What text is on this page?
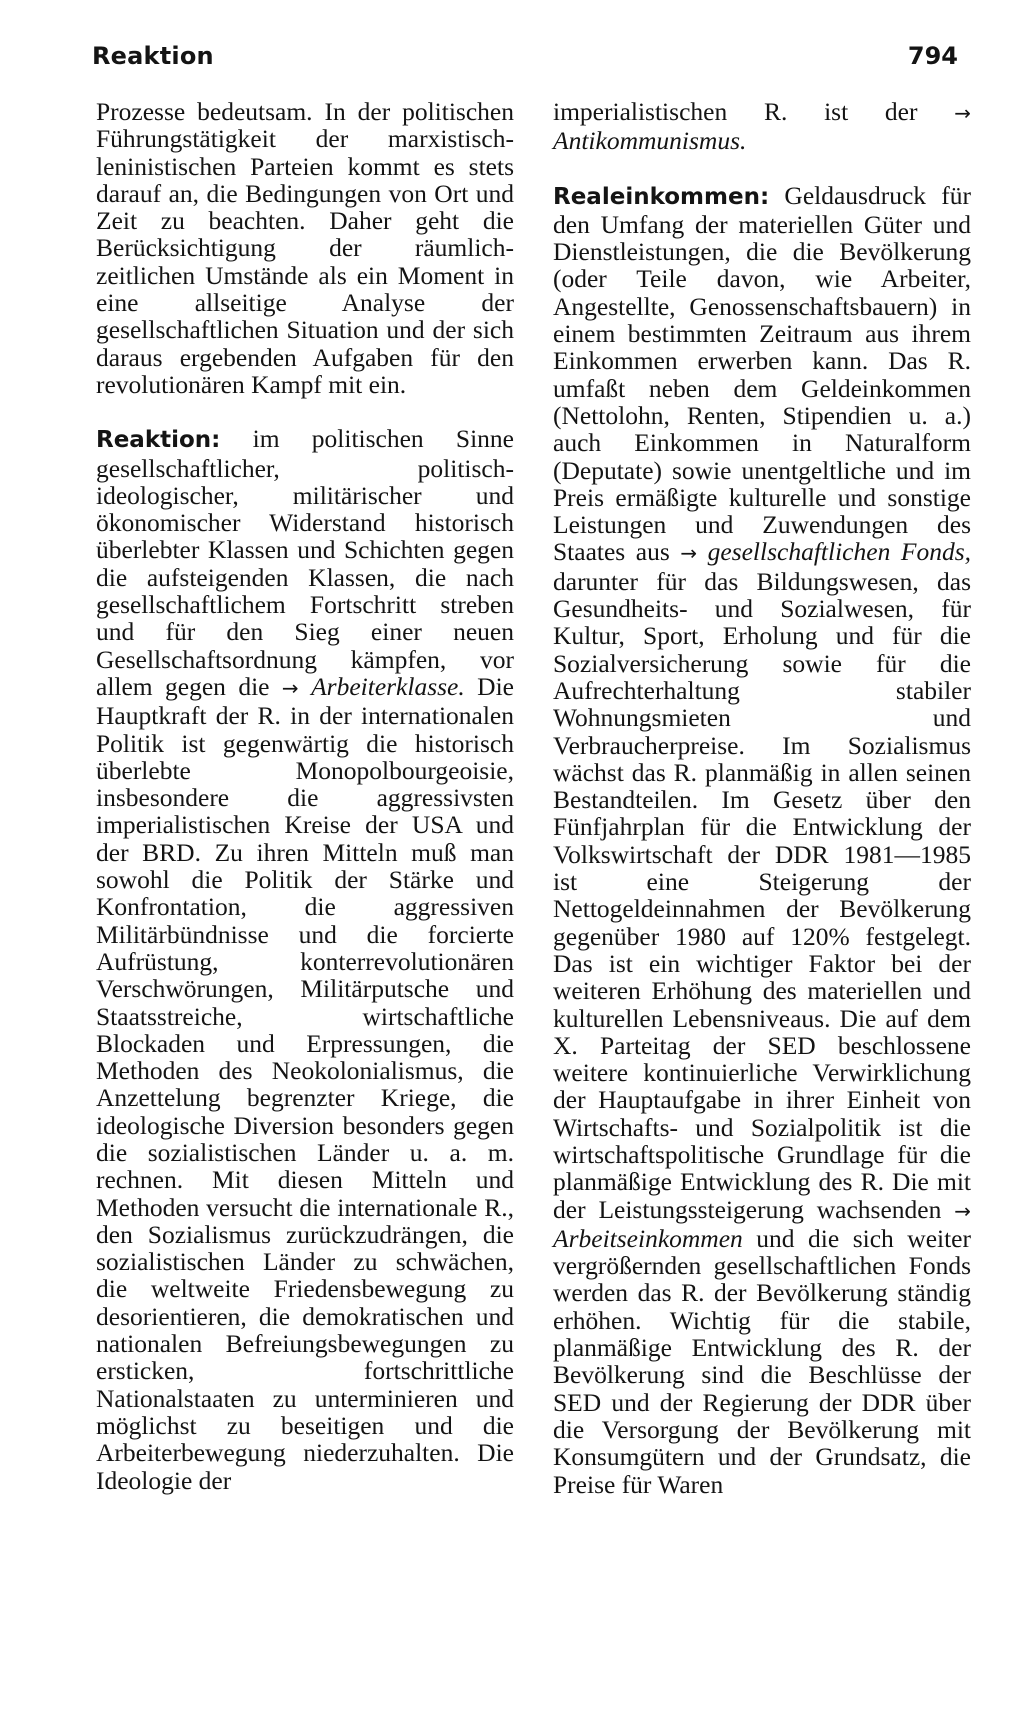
Reaktion	794

Prozesse bedeutsam. In der politischen Führungstätigkeit der marxistisch-leninistischen Parteien kommt es stets darauf an, die Bedingungen von Ort und Zeit zu beachten. Daher geht die Berücksichtigung der räumlich-zeitlichen Umstände als ein Moment in eine allseitige Analyse der gesellschaftlichen Situation und der sich daraus ergebenden Aufgaben für den revolutionären Kampf mit ein.

Reaktion: im politischen Sinne gesellschaftlicher, politisch-ideologischer, militärischer und ökonomischer Widerstand historisch überlebter Klassen und Schichten gegen die aufsteigenden Klassen, die nach gesellschaftlichem Fortschritt streben und für den Sieg einer neuen Gesellschaftsordnung kämpfen, vor allem gegen die → Arbeiterklasse. Die Hauptkraft der R. in der internationalen Politik ist gegenwärtig die historisch überlebte Monopolbourgeoisie, insbesondere die aggressivsten imperialistischen Kreise der USA und der BRD. Zu ihren Mitteln muß man sowohl die Politik der Stärke und Konfrontation, die aggressiven Militärbündnisse und die forcierte Aufrüstung, konterrevolutionären Verschwörungen, Militärputsche und Staatsstreiche, wirtschaftliche Blockaden und Erpressungen, die Methoden des Neokolonialismus, die Anzettelung begrenzter Kriege, die ideologische Diversion besonders gegen die sozialistischen Länder u. a. m. rechnen. Mit diesen Mitteln und Methoden versucht die internationale R., den Sozialismus zurückzudrängen, die sozialistischen Länder zu schwächen, die weltweite Friedensbewegung zu desorientieren, die demokratischen und nationalen Befreiungsbewegungen zu ersticken, fortschrittliche Nationalstaaten zu unterminieren und möglichst zu beseitigen und die Arbeiterbewegung niederzuhalten. Die Ideologie der

imperialistischen R. ist der → Antikommunismus.

Realeinkommen: Geldausdruck für den Umfang der materiellen Güter und Dienstleistungen, die die Bevölkerung (oder Teile davon, wie Arbeiter, Angestellte, Genossenschaftsbauern) in einem bestimmten Zeitraum aus ihrem Einkommen erwerben kann. Das R. umfaßt neben dem Geldeinkommen (Nettolohn, Renten, Stipendien u. a.) auch Einkommen in Naturalform (Deputate) sowie unentgeltliche und im Preis ermäßigte kulturelle und sonstige Leistungen und Zuwendungen des Staates aus → gesellschaftlichen Fonds, darunter für das Bildungswesen, das Gesundheits- und Sozialwesen, für Kultur, Sport, Erholung und für die Sozialversicherung sowie für die Aufrechterhaltung stabiler Wohnungsmieten und Verbraucherpreise. Im Sozialismus wächst das R. planmäßig in allen seinen Bestandteilen. Im Gesetz über den Fünfjahrplan für die Entwicklung der Volkswirtschaft der DDR 1981—1985 ist eine Steigerung der Nettogeldeinnahmen der Bevölkerung gegenüber 1980 auf 120% festgelegt. Das ist ein wichtiger Faktor bei der weiteren Erhöhung des materiellen und kulturellen Lebensniveaus. Die auf dem X. Parteitag der SED beschlossene weitere kontinuierliche Verwirklichung der Hauptaufgabe in ihrer Einheit von Wirtschafts- und Sozialpolitik ist die wirtschaftspolitische Grundlage für die planmäßige Entwicklung des R. Die mit der Leistungssteigerung wachsenden → Arbeitseinkommen und die sich weiter vergrößernden gesellschaftlichen Fonds werden das R. der Bevölkerung ständig erhöhen. Wichtig für die stabile, planmäßige Entwicklung des R. der Bevölkerung sind die Beschlüsse der SED und der Regierung der DDR über die Versorgung der Bevölkerung mit Konsumgütern und der Grundsatz, die Preise für Waren
